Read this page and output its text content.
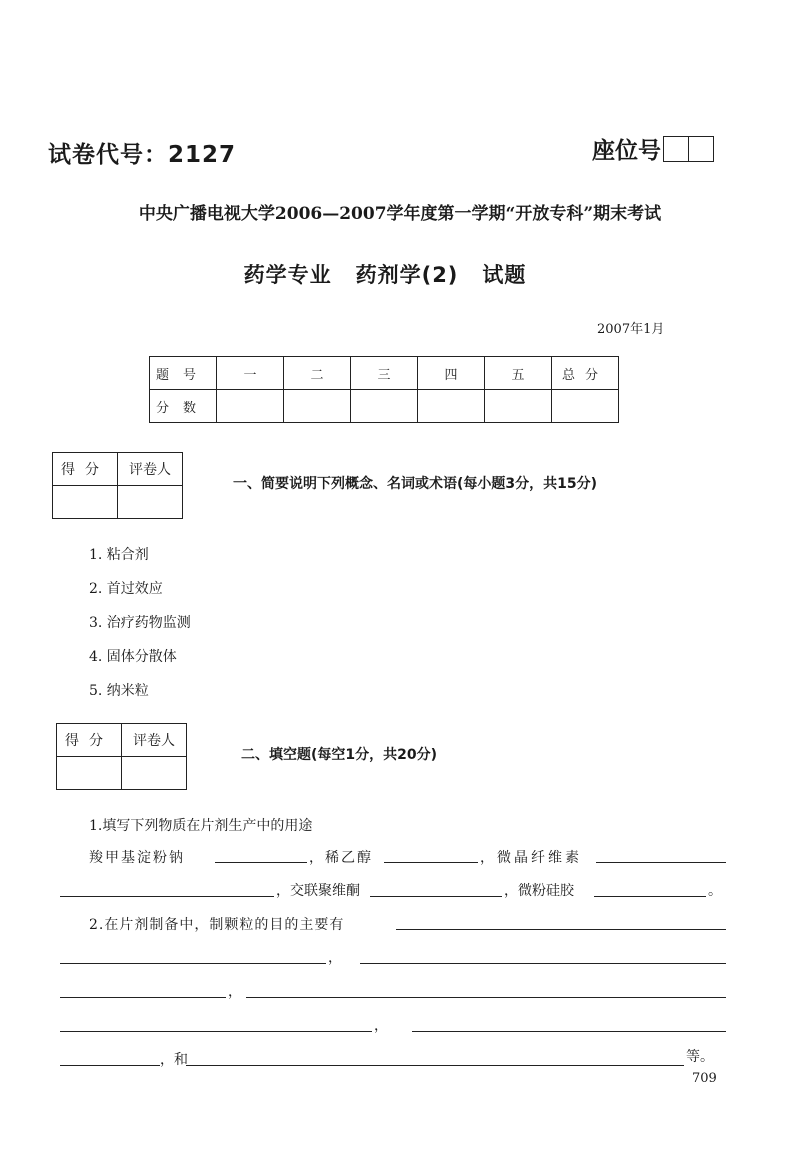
试卷代号：2127	座位号
中央广播电视大学2006—2007学年度第一学期“开放专科”期末考试
药学专业 药剂学(2) 试题
2007年1月
题号	一	二	三	四	五	总分
分数						
得分	评卷人

一、简要说明下列概念、名词或术语(每小题3分，共15分)
1. 粘合剂
2. 首过效应
3. 治疗药物监测
4. 固体分散体
5. 纳米粒
得分	评卷人

二、填空题(每空1分，共20分)
1.填写下列物质在片剂生产中的用途
羧甲基淀粉钠	，稀乙醇	，微晶纤维素
，交联聚维酮	，微粉硅胶	。
2.在片剂制备中，制颗粒的目的主要有
，
，
，
，和	等。
709
